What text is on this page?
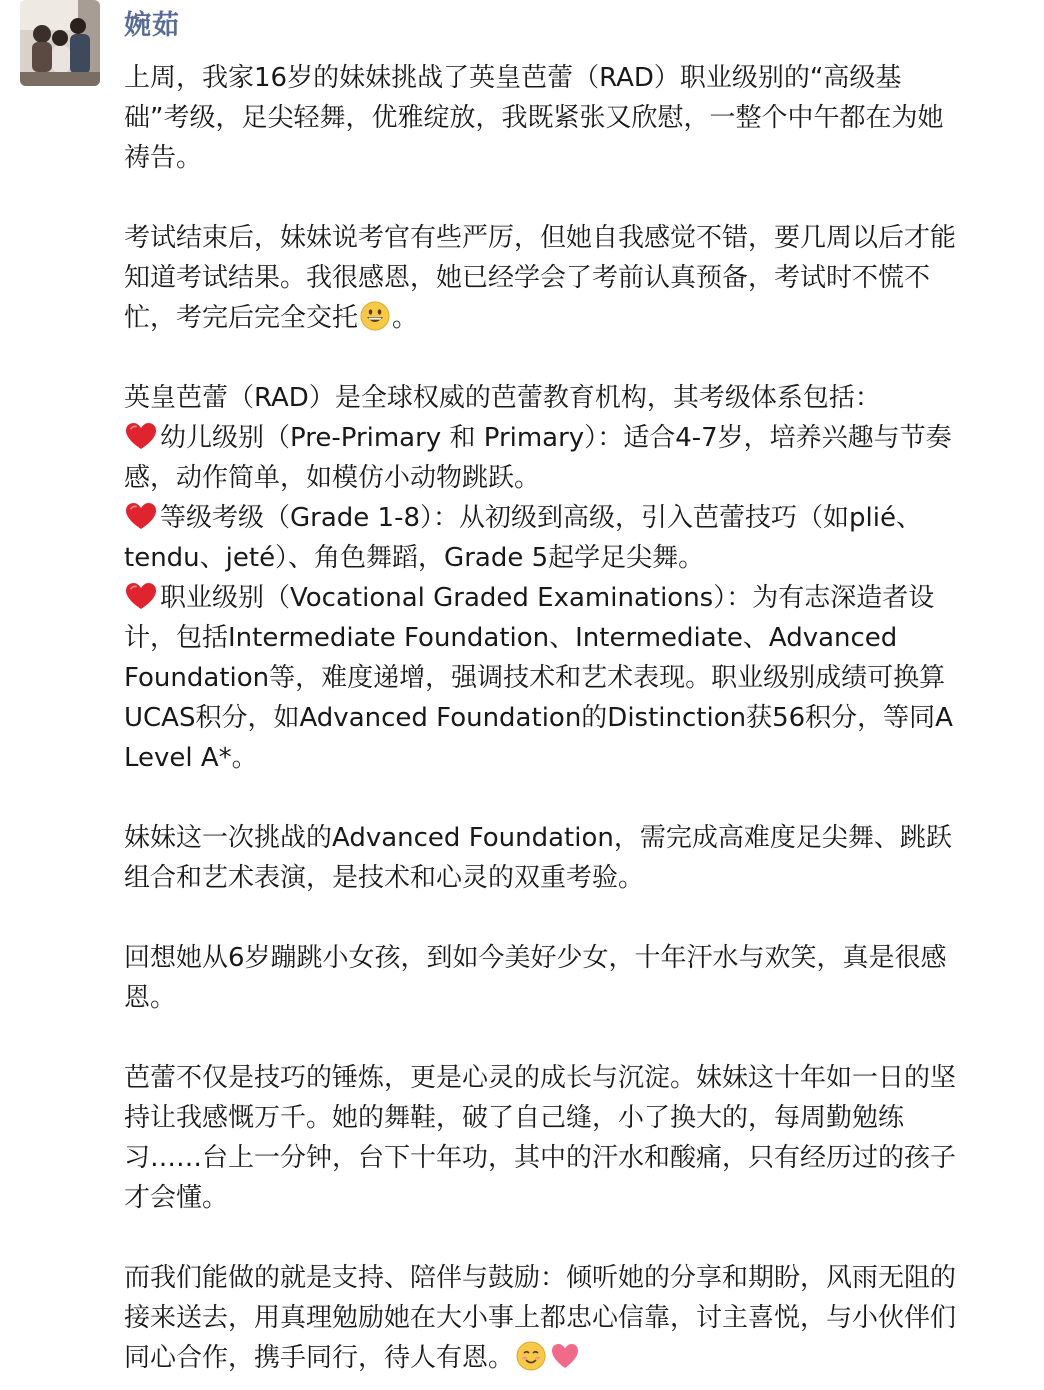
婉茹
上周，我家16岁的妹妹挑战了英皇芭蕾（RAD）职业级别的“高级基
础”考级，足尖轻舞，优雅绽放，我既紧张又欣慰，一整个中午都在为她
祷告。
考试结束后，妹妹说考官有些严厉，但她自我感觉不错，要几周以后才能
知道考试结果。我很感恩，她已经学会了考前认真预备，考试时不慌不
忙，考完后完全交托 。
英皇芭蕾（RAD）是全球权威的芭蕾教育机构，其考级体系包括：
幼儿级别（Pre-Primary 和 Primary）：适合4-7岁，培养兴趣与节奏
感，动作简单，如模仿小动物跳跃。
等级考级（Grade 1-8）：从初级到高级，引入芭蕾技巧（如plié、
tendu、jeté）、角色舞蹈，Grade 5起学足尖舞。
职业级别（Vocational Graded Examinations）：为有志深造者设
计，包括Intermediate Foundation、Intermediate、Advanced
Foundation等，难度递增，强调技术和艺术表现。职业级别成绩可换算
UCAS积分，如Advanced Foundation的Distinction获56积分，等同A
Level A*。
妹妹这一次挑战的Advanced Foundation，需完成高难度足尖舞、跳跃
组合和艺术表演，是技术和心灵的双重考验。
回想她从6岁蹦跳小女孩，到如今美好少女，十年汗水与欢笑，真是很感
恩。
芭蕾不仅是技巧的锤炼，更是心灵的成长与沉淀。妹妹这十年如一日的坚
持让我感慨万千。她的舞鞋，破了自己缝，小了换大的，每周勤勉练
习……台上一分钟，台下十年功，其中的汗水和酸痛，只有经历过的孩子
才会懂。
而我们能做的就是支持、陪伴与鼓励：倾听她的分享和期盼，风雨无阻的
接来送去，用真理勉励她在大小事上都忠心信靠，讨主喜悦，与小伙伴们
同心合作，携手同行，待人有恩。
